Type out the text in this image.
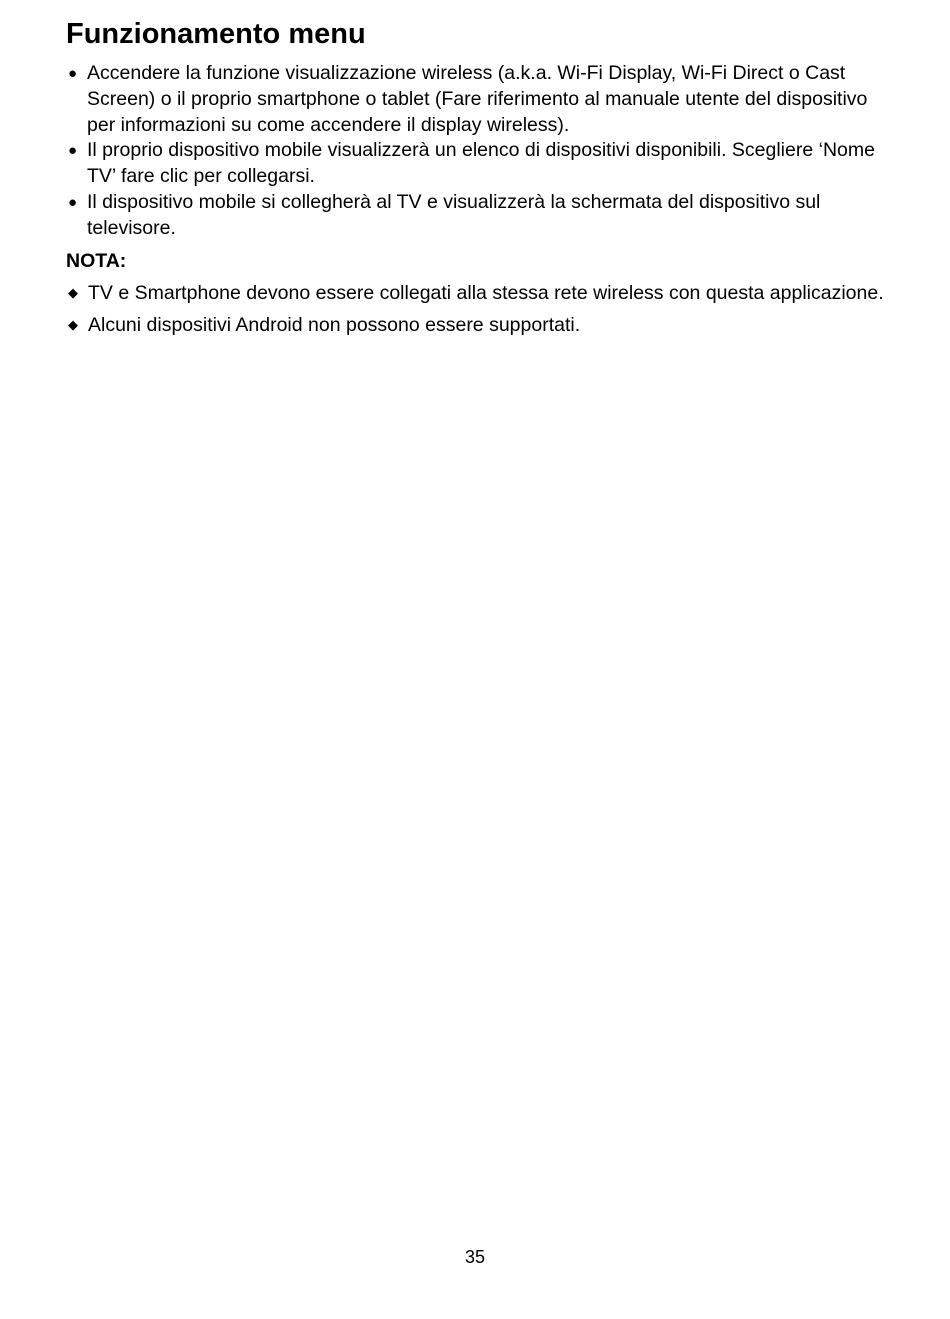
Funzionamento menu
● Accendere la funzione visualizzazione wireless (a.k.a. Wi-Fi Display, Wi-Fi Direct o Cast Screen) o il proprio smartphone o tablet (Fare riferimento al manuale utente del dispositivo per informazioni su come accendere il display wireless).
● Il proprio dispositivo mobile visualizzerà un elenco di dispositivi disponibili. Scegliere ‘Nome TV’ fare clic per collegarsi.
● Il dispositivo mobile si collegherà al TV e visualizzerà la schermata del dispositivo sul televisore.

NOTA:

◆ TV e Smartphone devono essere collegati alla stessa rete wireless con questa applicazione.
◆ Alcuni dispositivi Android non possono essere supportati.
35
